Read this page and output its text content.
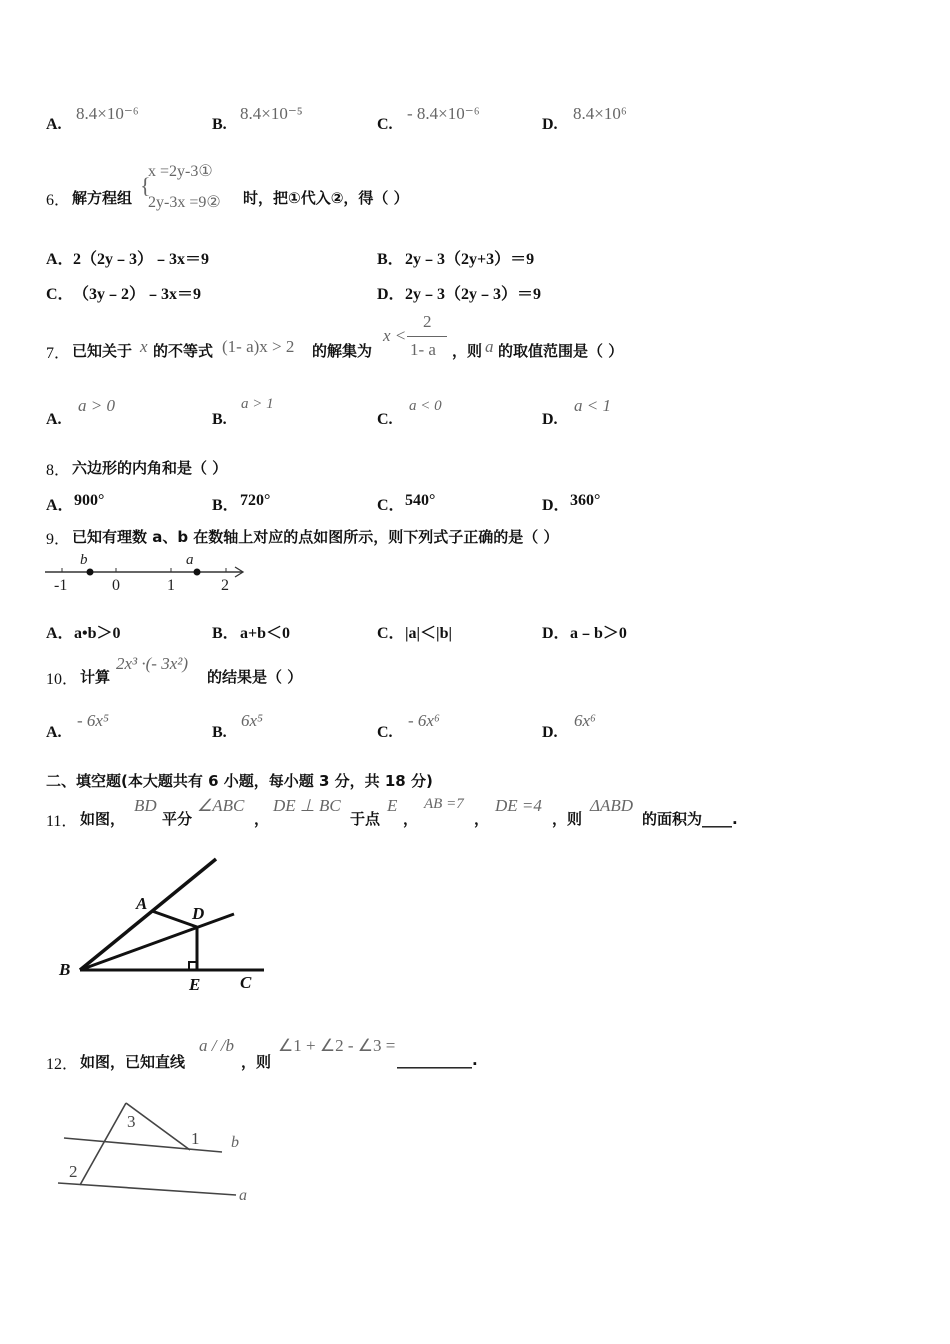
A.
8.4×10⁻⁶
B.
8.4×10⁻⁵
C.
- 8.4×10⁻⁶
D.
8.4×10⁶
6． 解方程组 {
x =2y-3①
2y-3x =9② 时，把①代入②，得（ ）
A． 2（2y﹣3）﹣3x＝9	B． 2y﹣3（2y+3）＝9
C． （3y﹣2）﹣3x＝9	D． 2y﹣3（2y﹣3）＝9
7． 已知关于 x 的不等式 (1- a)x > 2 的解集为
x <
2
1- a ，则 a 的取值范围是（ ）
A.
a > 0
B.
a > 1
C.
a < 0
D.
a < 1
8． 六边形的内角和是（ ）
A． 900°	B． 720°	C． 540°	D． 360°
9． 已知有理数 a、b 在数轴上对应的点如图所示，则下列式子正确的是（ ）
-1	0	1	2
b	a
A． a•b＞0	B． a+b＜0	C． |a|＜|b|	D． a﹣b＞0
10． 计算
2x³ ·(- 3x²)
的结果是（ ）
A.
- 6x⁵
B.
6x⁵
C.
- 6x⁶
D.
6x⁶
二、填空题(本大题共有 6 小题，每小题 3 分，共 18 分)
11． 如图，
BD
平分
∠ABC
，
DE ⊥ BC
于点
E
，
AB =7
，
DE =4
，则
ΔABD
的面积为____.
A
D
B
E C
12． 如图，已知直线
a / /b
，则
∠1 + ∠2 - ∠3 =
__________.
3
1
2
b
a
